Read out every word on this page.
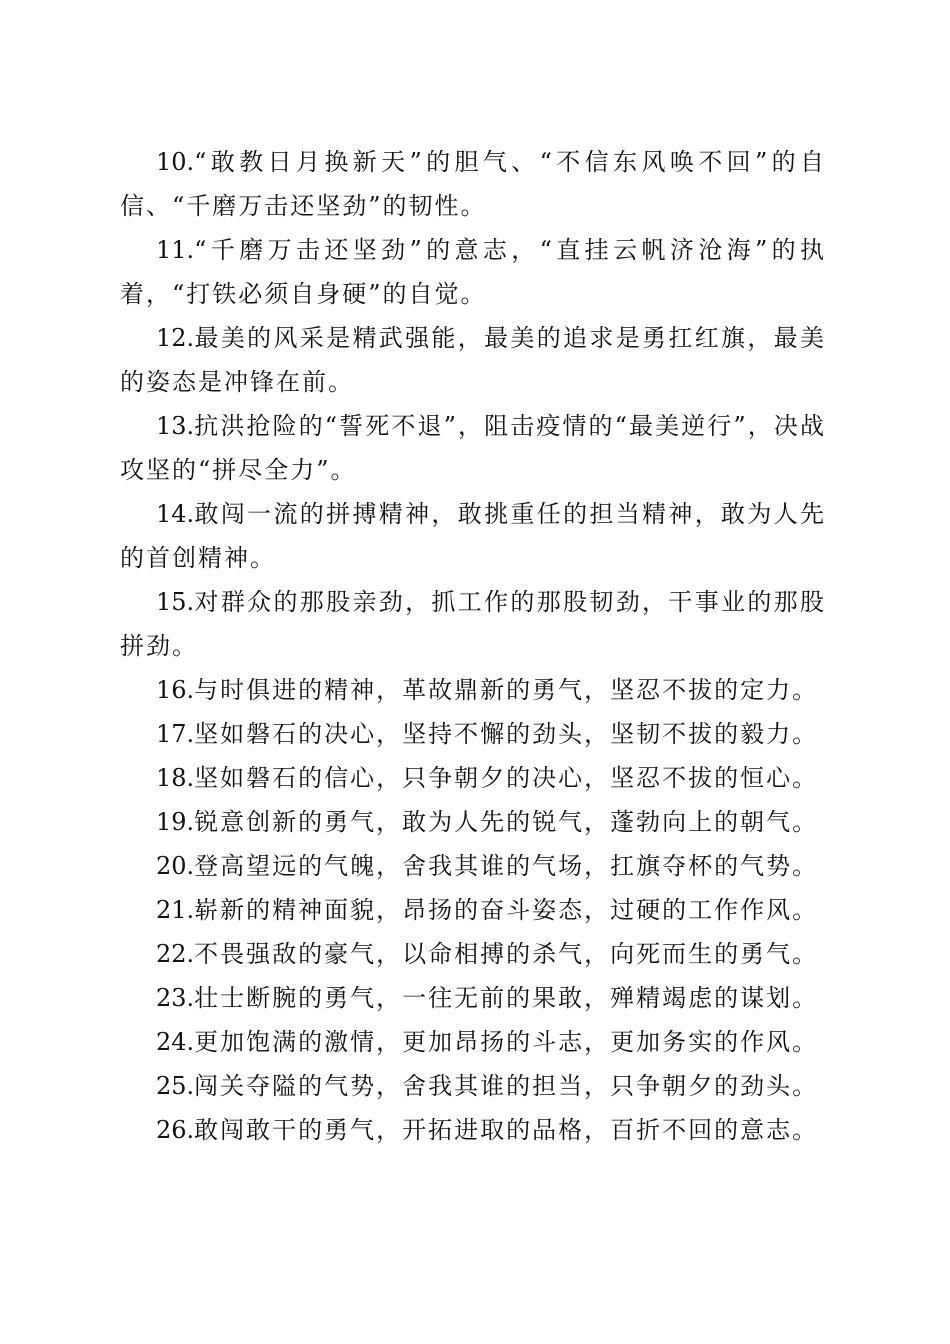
10.“敢教日月换新天”的胆气、“不信东风唤不回”的自信、“千磨万击还坚劲”的韧性。

11.“千磨万击还坚劲”的意志，“直挂云帆济沧海”的执着，“打铁必须自身硬”的自觉。

12.最美的风采是精武强能，最美的追求是勇扛红旗，最美的姿态是冲锋在前。

13.抗洪抢险的“誓死不退”，阻击疫情的“最美逆行”，决战攻坚的“拼尽全力”。

14.敢闯一流的拼搏精神，敢挑重任的担当精神，敢为人先的首创精神。

15.对群众的那股亲劲，抓工作的那股韧劲，干事业的那股拼劲。

16.与时俱进的精神，革故鼎新的勇气，坚忍不拔的定力。

17.坚如磐石的决心，坚持不懈的劲头，坚韧不拔的毅力。

18.坚如磐石的信心，只争朝夕的决心，坚忍不拔的恒心。

19.锐意创新的勇气，敢为人先的锐气，蓬勃向上的朝气。

20.登高望远的气魄，舍我其谁的气场，扛旗夺杯的气势。

21.崭新的精神面貌，昂扬的奋斗姿态，过硬的工作作风。

22.不畏强敌的豪气，以命相搏的杀气，向死而生的勇气。

23.壮士断腕的勇气，一往无前的果敢，殚精竭虑的谋划。

24.更加饱满的激情，更加昂扬的斗志，更加务实的作风。

25.闯关夺隘的气势，舍我其谁的担当，只争朝夕的劲头。

26.敢闯敢干的勇气，开拓进取的品格，百折不回的意志。
